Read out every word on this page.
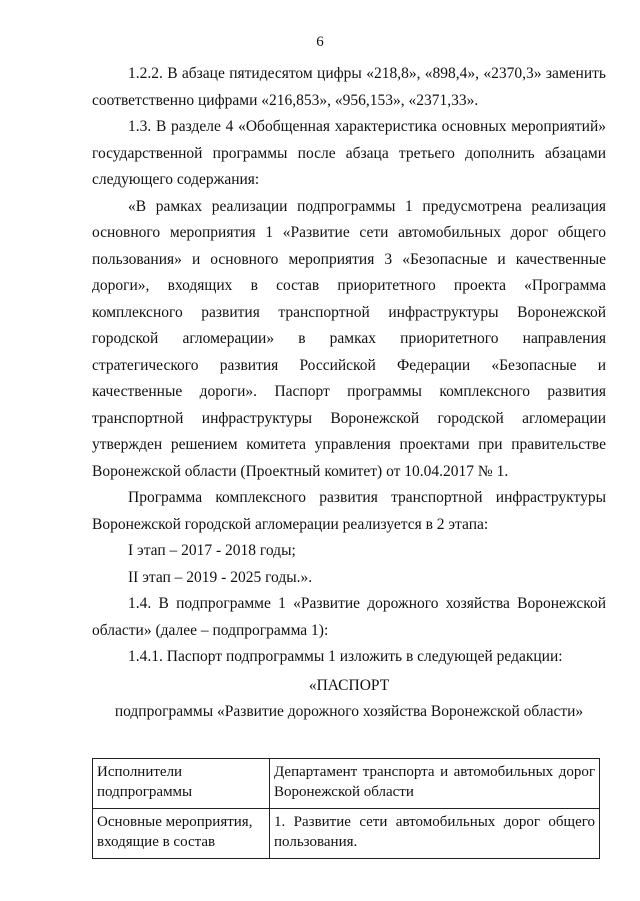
6

1.2.2. В абзаце пятидесятом цифры «218,8», «898,4», «2370,3» заменить соответственно цифрами «216,853», «956,153», «2371,33».

1.3. В разделе 4 «Обобщенная характеристика основных мероприятий» государственной программы после абзаца третьего дополнить абзацами следующего содержания:

«В рамках реализации подпрограммы 1 предусмотрена реализация основного мероприятия 1 «Развитие сети автомобильных дорог общего пользования» и основного мероприятия 3 «Безопасные и качественные дороги», входящих в состав приоритетного проекта «Программа комплексного развития транспортной инфраструктуры Воронежской городской агломерации» в рамках приоритетного направления стратегического развития Российской Федерации «Безопасные и качественные дороги». Паспорт программы комплексного развития транспортной инфраструктуры Воронежской городской агломерации утвержден решением комитета управления проектами при правительстве Воронежской области (Проектный комитет) от 10.04.2017 № 1.

Программа комплексного развития транспортной инфраструктуры Воронежской городской агломерации реализуется в 2 этапа:

I этап – 2017 - 2018 годы;

II этап – 2019 - 2025 годы.».

1.4. В подпрограмме 1 «Развитие дорожного хозяйства Воронежской области» (далее – подпрограмма 1):

1.4.1. Паспорт подпрограммы 1 изложить в следующей редакции:

«ПАСПОРТ

подпрограммы «Развитие дорожного хозяйства Воронежской области»

Исполнители подпрограммы	Департамент транспорта и автомобильных дорог Воронежской области
Основные мероприятия, входящие в состав	1. Развитие сети автомобильных дорог общего пользования.
